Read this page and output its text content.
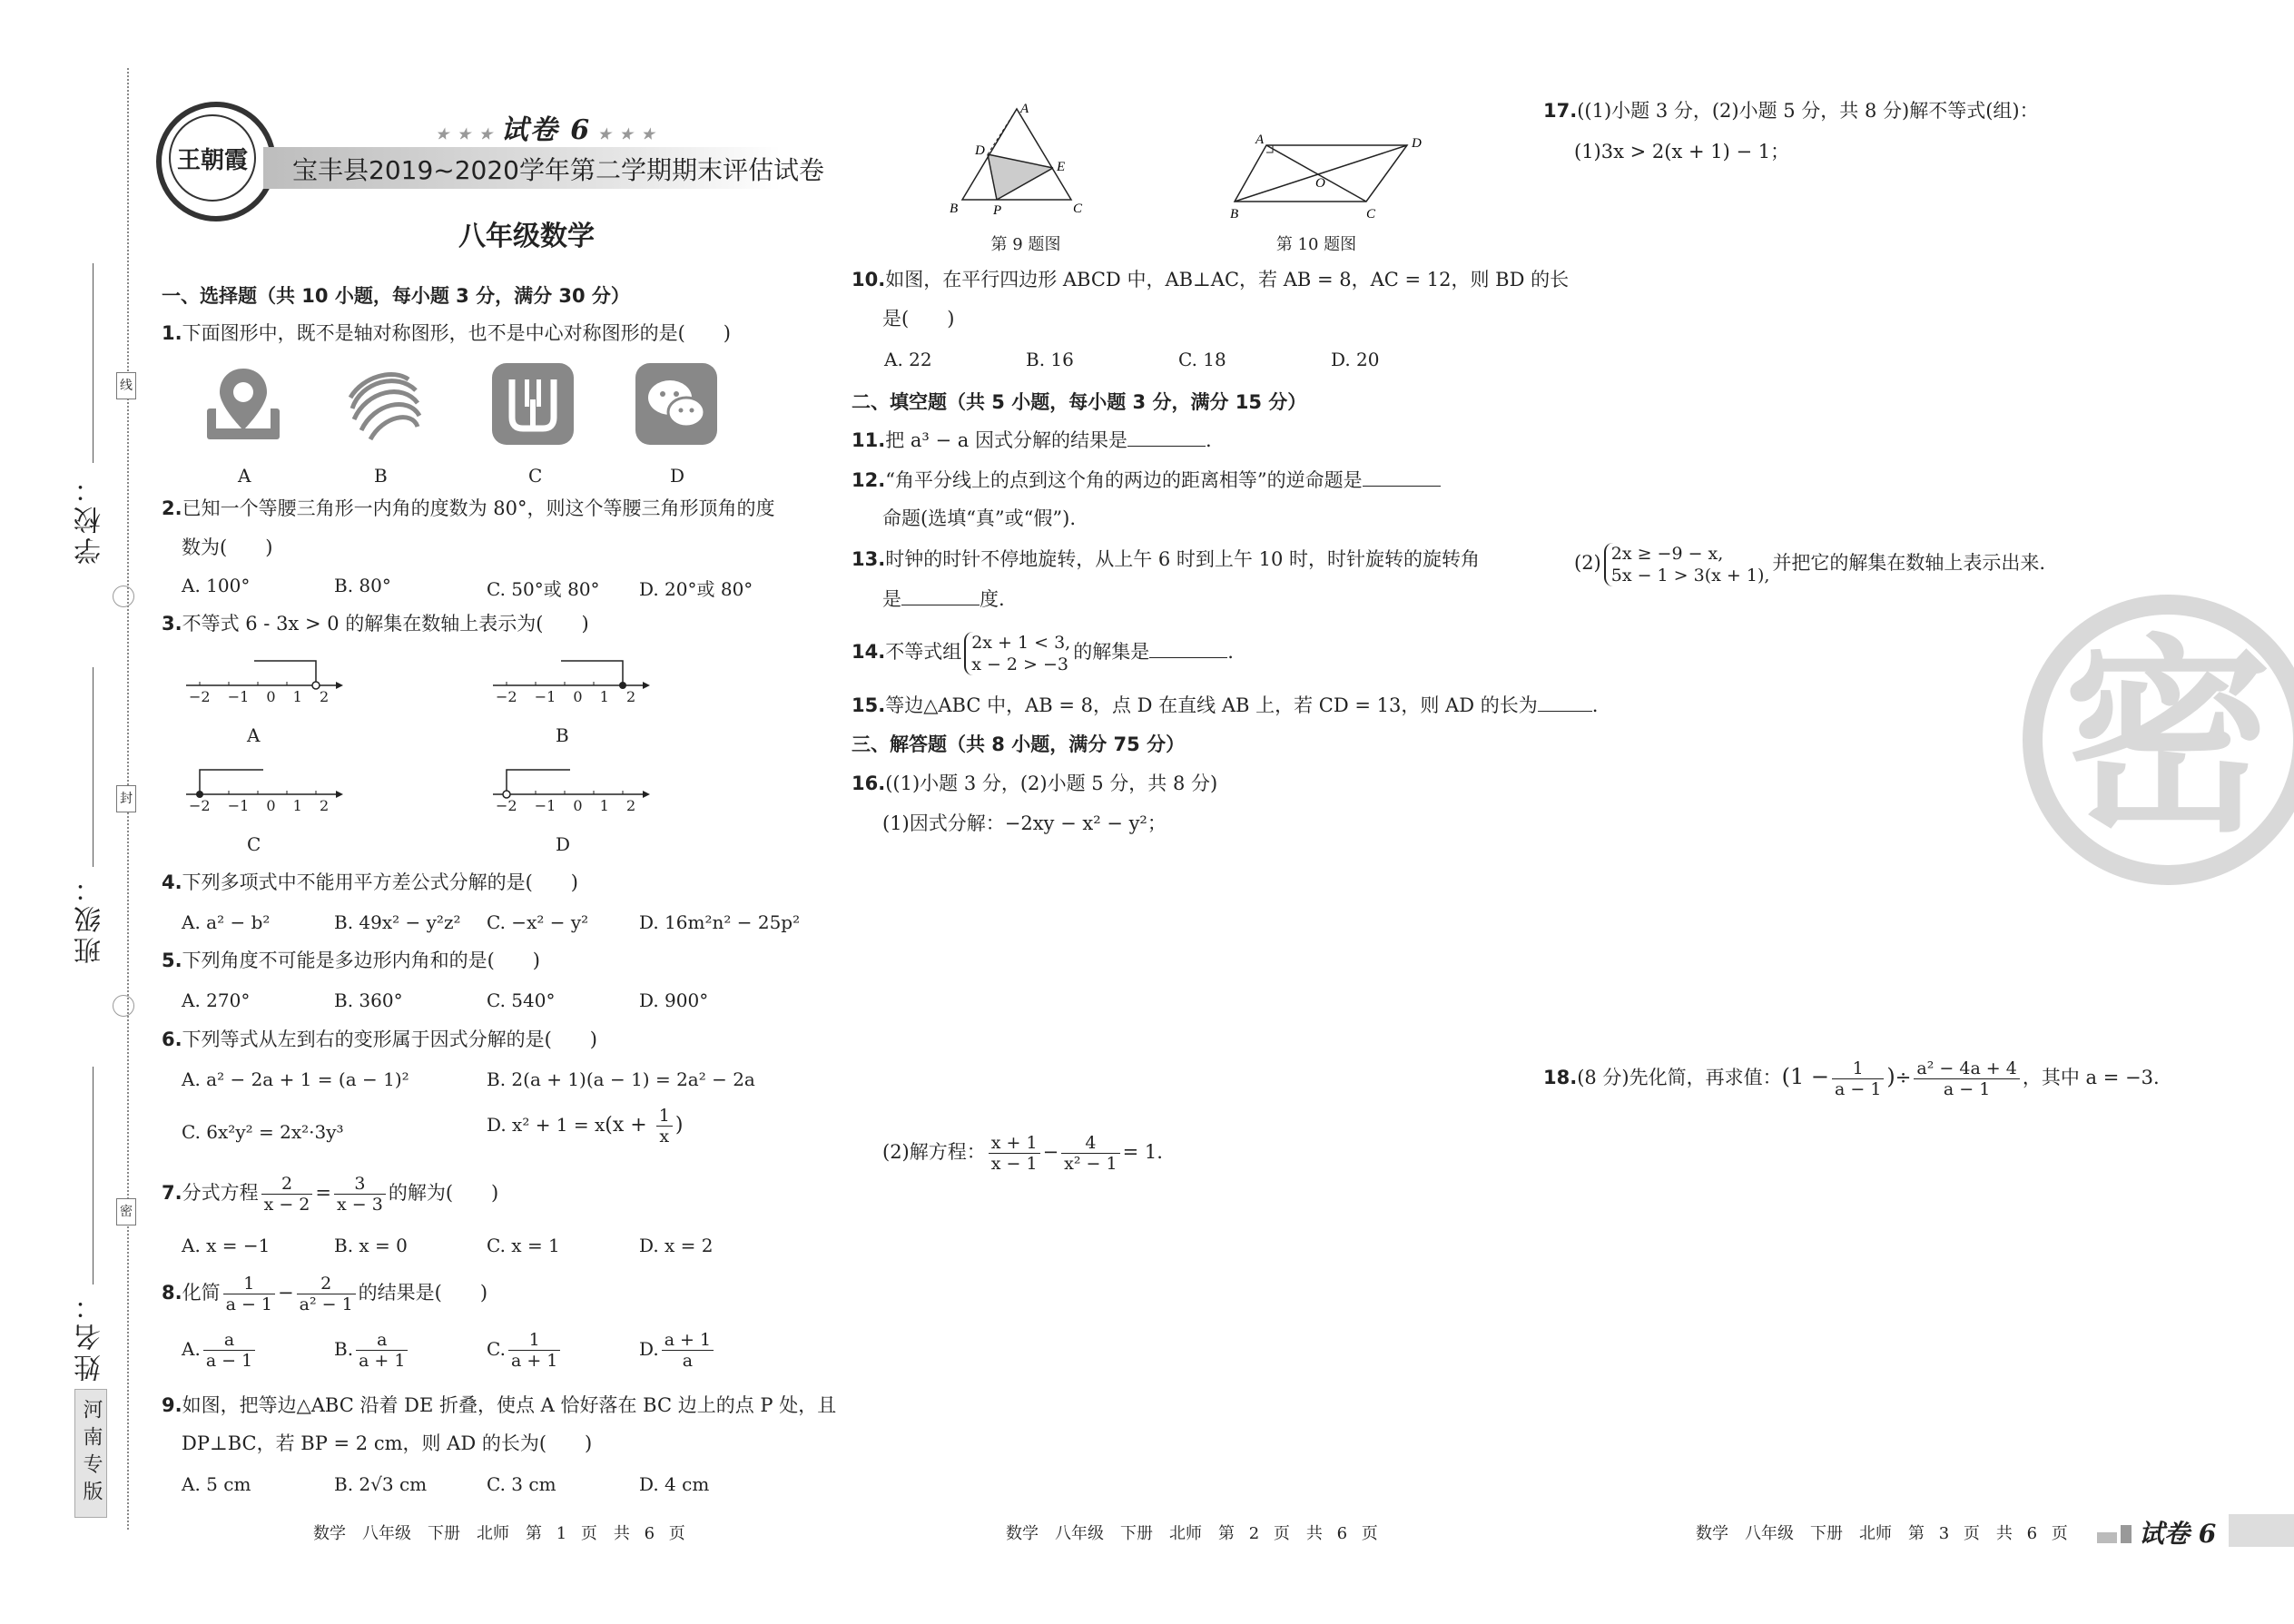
线
封
密
学校：
班级：
姓名：
河南专版
王朝霞
★ ★ ★ 试卷 6 ★ ★ ★
宝丰县2019~2020学年第二学期期末评估试卷
八年级数学
一、选择题（共 10 小题，每小题 3 分，满分 30 分）
1.下面图形中，既不是轴对称图形，也不是中心对称图形的是(　　)
A	B	C	D
2.已知一个等腰三角形一内角的度数为 80°，则这个等腰三角形顶角的度
数为(　　)
A. 100°	B. 80°	C. 50°或 80° D. 20°或 80°
3.不等式 6 - 3x > 0 的解集在数轴上表示为(　　)
−2 −1 0 1 2
A
−2 −1 0 1 2
B
−2 −1 0 1 2
C
−2 −1 0 1 2
D
4.下列多项式中不能用平方差公式分解的是(　　)
A. a² − b²	B. 49x² − y²z² C. −x² − y²	D. 16m²n² − 25p²
5.下列角度不可能是多边形内角和的是(　　)
A. 270°	B. 360°	C. 540°	D. 900°
6.下列等式从左到右的变形属于因式分解的是(　　)
A. a² − 2a + 1 = (a − 1)²	B. 2(a + 1)(a − 1) = 2a² − 2a
C. 6x²y² = 2x²·3y³	D. $x^2 + 1 = x(x + \frac{1}{x}$ )
7.分式方程 $\frac{2}{x - 2} = \frac{3}{x - 3}$ 的解为(　　)
A. x = −1	B. x = 0	C. x = 1	D. x = 2
8.化简 $\frac{1}{a - 1} - \frac{2}{\text{a² − 1}}$ 的结果是(　　)
A. $\frac{a}{a - 1}$	B. $\frac{a}{a + 1}$	C. $\frac{1}{a + 1}$	D. $\frac{a + 1}{a}$
9.如图，把等边△ABC 沿着 DE 折叠，使点 A 恰好落在 BC 边上的点 P 处，且
DP⊥BC，若 BP = 2 cm，则 AD 的长为(　　)
A. 5 cm	B. 2√3 cm	C. 3 cm	D. 4 cm
数学　八年级　下册　北师　第 1 页　共 6 页
A
D
E
B	P	C
第 9 题图
A	D
O
B	C
第 10 题图
10.如图，在平行四边形 ABCD 中，AB⊥AC，若 AB = 8，AC = 12，则 BD 的长
是(　　)
A. 22	B. 16	C. 18	D. 20
二、填空题（共 5 小题，每小题 3 分，满分 15 分）
11.把 a³ − a 因式分解的结果是	.
12.“角平分线上的点到这个角的两边的距离相等”的逆命题是
命题(选填“真”或“假”).
13.时钟的时针不停地旋转，从上午 6 时到上午 10 时，时针旋转的旋转角
是	度.
14.不等式组 2x + 1 < 3,
x − 2 > −3
的解集是	.
15.等边△ABC 中，AB = 8，点 D 在直线 AB 上，若 CD = 13，则 AD 的长为	.
三、解答题（共 8 小题，满分 75 分）
16.((1)小题 3 分，(2)小题 5 分，共 8 分)
(1)因式分解：−2xy − x² − y²；
(2)解方程： $\frac{x + 1}{x - 1} - \frac{4}{\text{x² − 1}} = 1$.
数学　八年级　下册　北师　第 2 页　共 6 页
17.((1)小题 3 分，(2)小题 5 分，共 8 分)解不等式(组)：
(1)3x > 2(x + 1) − 1；
(2) 2x ≥ −9 − x,
5x − 1 > 3(x + 1),
并把它的解集在数轴上表示出来.
密
18.(8 分)先化简，再求值：($1 - \frac{1}{a - 1}$ )÷ $\frac{\text{a² − 4a + 4}}{a - 1}$ ，其中 a = −3.
数学　八年级　下册　北师　第 3 页　共 6 页	试卷 6
